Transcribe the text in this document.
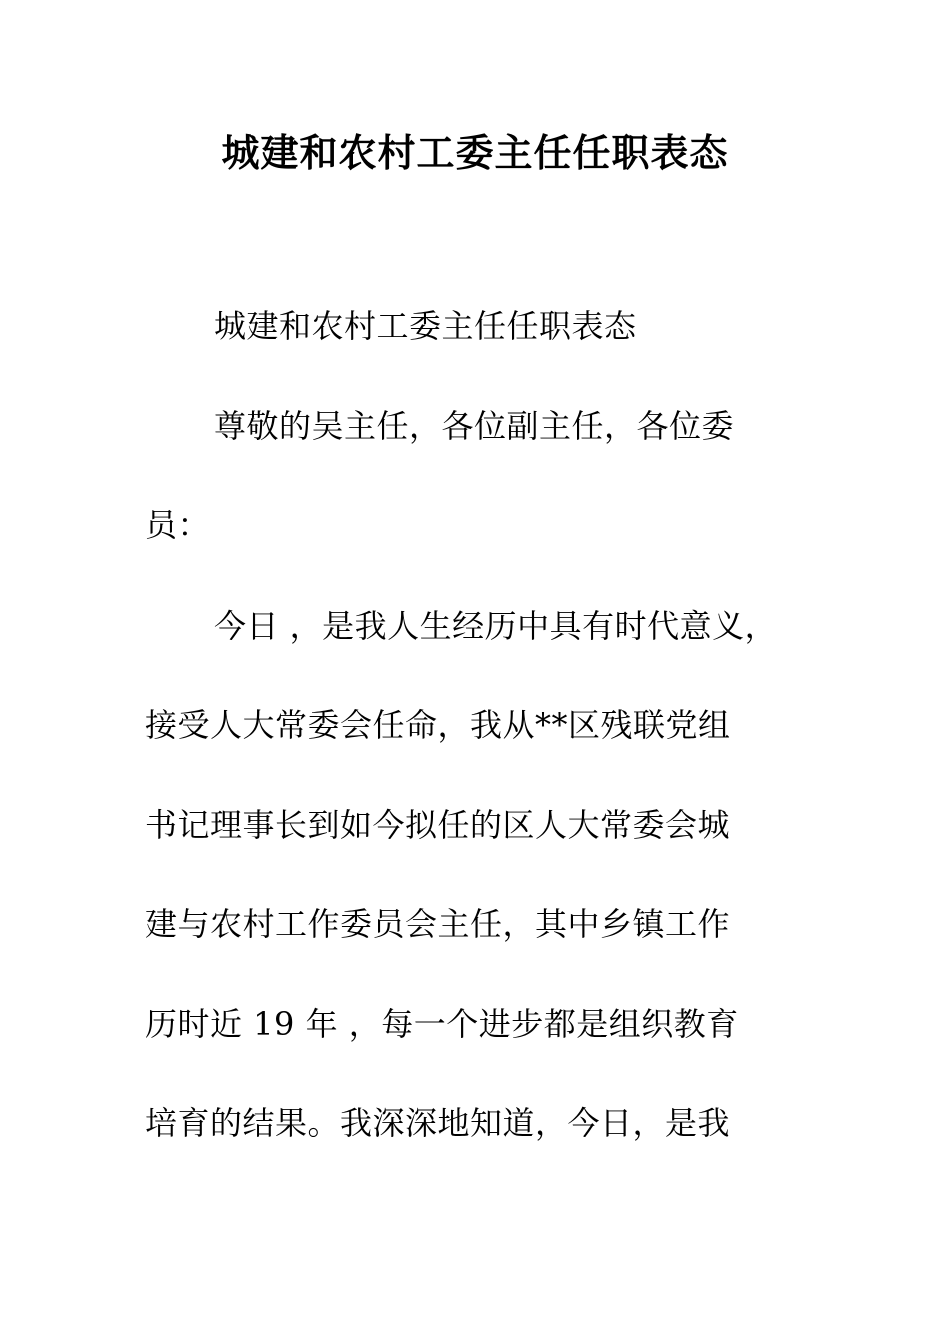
城建和农村工委主任任职表态
城建和农村工委主任任职表态
尊敬的吴主任，各位副主任，各位委
员：
今日 ，是我人生经历中具有时代意义，
接受人大常委会任命，我从**区残联党组
书记理事长到如今拟任的区人大常委会城
建与农村工作委员会主任，其中乡镇工作
历时近 19 年 ，每一个进步都是组织教育
培育的结果。我深深地知道，今日，是我
